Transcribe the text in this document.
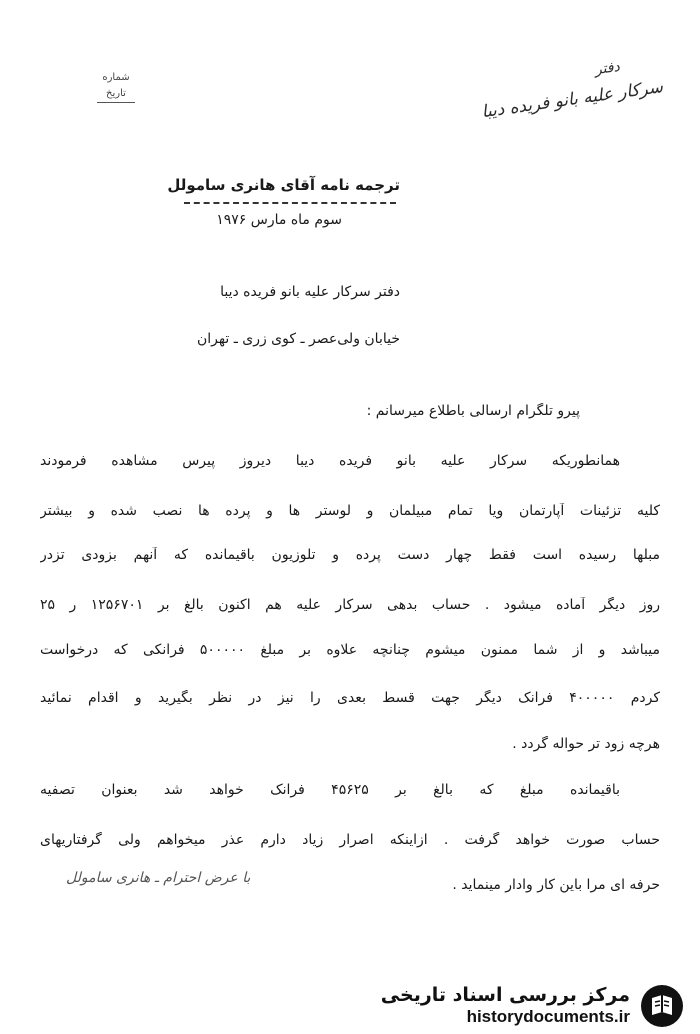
شماره
تاریخ
دفتر
سرکار علیه بانو فریده دیبا
ترجمه نامه آقای هانری سامولل
سوم ماه مارس ۱۹۷۶
دفتر سرکار علیه بانو فریده دیبا
خیابان ولی‌عصر ـ کوی زری ـ تهران
پیرو تلگرام ارسالی باطلاع میرسانم :
همانطوریکه سرکار علیه بانو فریده دیبا دیروز پیرس مشاهده فرمودند
کلیه تزئینات آپارتمان ویا تمام مبیلمان و لوستر ها و پرده ها نصب شده و بیشتر
مبلها رسیده است فقط چهار دست پرده و تلوزیون باقیمانده که آنهم بزودی تزدر
روز دیگر آماده میشود . حساب بدهی سرکار علیه هم اکنون بالغ بر ۱۲۵۶۷۰۱ ر ۲۵
میباشد و از شما ممنون میشوم چنانچه علاوه بر مبلغ ۵۰۰۰۰۰ فرانکی که درخواست
کردم ۴۰۰۰۰۰ فرانک دیگر جهت قسط بعدی را نیز در نظر بگیرید و اقدام نمائید
هرچه زود تر حواله گردد .
باقیمانده مبلغ که بالغ بر ۴۵۶۲۵ فرانک خواهد شد بعنوان تصفیه
حساب صورت خواهد گرفت . ازاینکه اصرار زیاد دارم عذر میخواهم ولی گرفتاریهای
حرفه ای مرا باین کار وادار مینماید .
با عرض احترام ـ هانری سامولل
مرکز بررسی اسناد تاریخی
historydocuments.ir
